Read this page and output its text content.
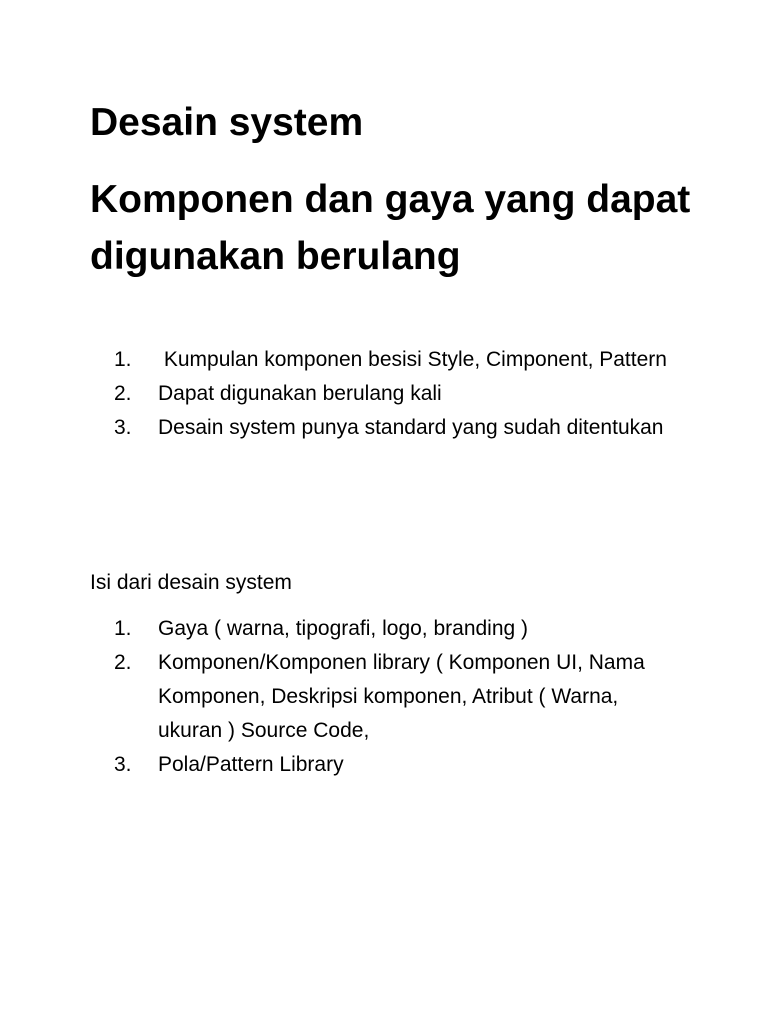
Desain system
Komponen dan gaya yang dapat digunakan berulang
1. Kumpulan komponen besisi Style, Cimponent, Pattern
2. Dapat digunakan berulang kali
3. Desain system punya standard yang sudah ditentukan

Isi dari desain system

1. Gaya ( warna, tipografi, logo, branding )
2. Komponen/Komponen library ( Komponen UI, Nama Komponen, Deskripsi komponen, Atribut ( Warna, ukuran ) Source Code,
3. Pola/Pattern Library
